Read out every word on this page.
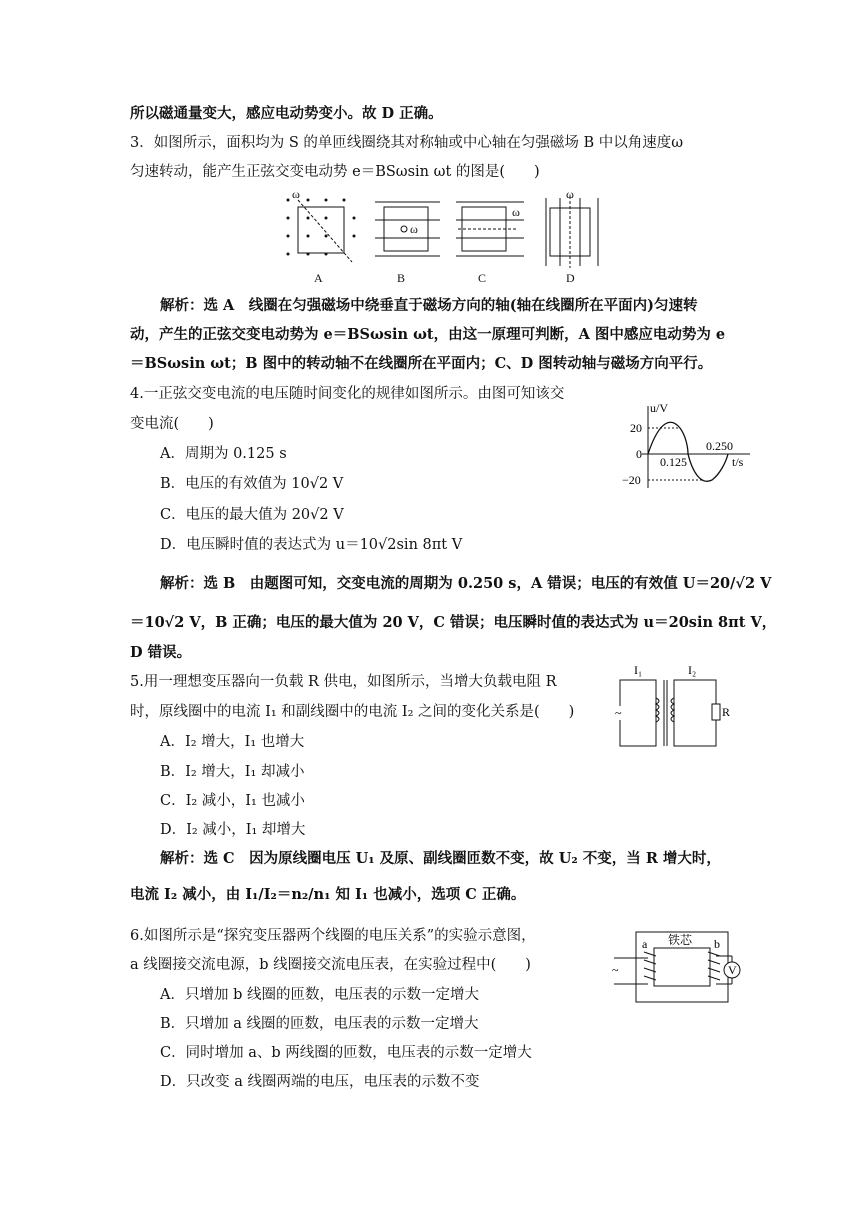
所以磁通量变大，感应电动势变小。故 D 正确。
3．如图所示，面积均为 S 的单匝线圈绕其对称轴或中心轴在匀强磁场 B 中以角速度ω
匀速转动，能产生正弦交变电动势 e＝BSωsin ωt 的图是(　　)
ω
A
ω
B
ω
C
ω
D
解析：选 A　线圈在匀强磁场中绕垂直于磁场方向的轴(轴在线圈所在平面内)匀速转
动，产生的正弦交变电动势为 e＝BSωsin ωt，由这一原理可判断，A 图中感应电动势为 e
＝BSωsin ωt；B 图中的转动轴不在线圈所在平面内；C、D 图转动轴与磁场方向平行。
4.一正弦交变电流的电压随时间变化的规律如图所示。由图可知该交
变电流(　　)
A．周期为 0.125 s
B．电压的有效值为 10√2 V
C．电压的最大值为 20√2 V
D．电压瞬时值的表达式为 u＝10√2sin 8πt V
u/V
t/s
20
0
−20
0.125
0.250
解析：选 B　由题图可知，交变电流的周期为 0.250 s，A 错误；电压的有效值 U＝20/√2 V
＝10√2 V，B 正确；电压的最大值为 20 V，C 错误；电压瞬时值的表达式为 u＝20sin 8πt V，
D 错误。
5.用一理想变压器向一负载 R 供电，如图所示，当增大负载电阻 R
时，原线圈中的电流 I₁ 和副线圈中的电流 I₂ 之间的变化关系是(　　)
A．I₂ 增大，I₁ 也增大
B．I₂ 增大，I₁ 却减小
C．I₂ 减小，I₁ 也减小
D．I₂ 减小，I₁ 却增大
~
I₁	I₂
R
解析：选 C　因为原线圈电压 U₁ 及原、副线圈匝数不变，故 U₂ 不变，当 R 增大时，
电流 I₂ 减小，由 I₁/I₂＝n₂/n₁ 知 I₁ 也减小，选项 C 正确。
6.如图所示是“探究变压器两个线圈的电压关系”的实验示意图，
a 线圈接交流电源，b 线圈接交流电压表，在实验过程中(　　)
A．只增加 b 线圈的匝数，电压表的示数一定增大
B．只增加 a 线圈的匝数，电压表的示数一定增大
C．同时增加 a、b 两线圈的匝数，电压表的示数一定增大
D．只改变 a 线圈两端的电压，电压表的示数不变
~
铁芯
a	b
V
